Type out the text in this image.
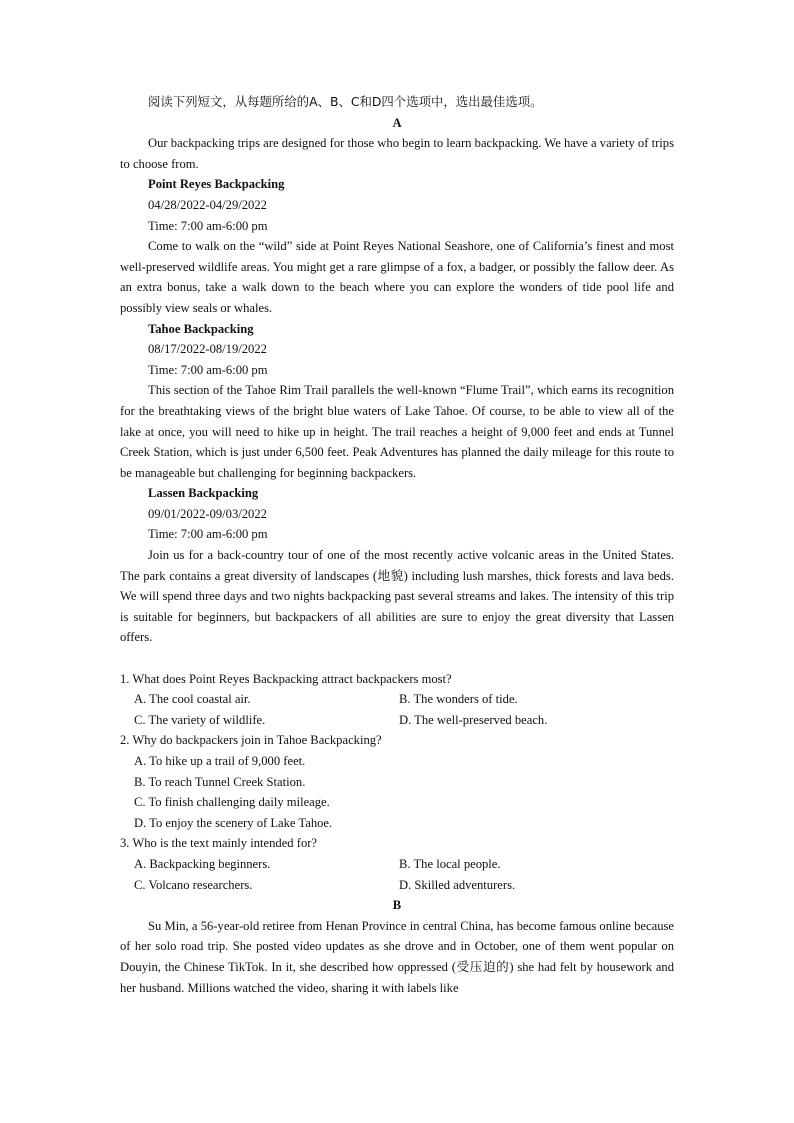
阅读下列短文，从每题所给的A、B、C和D四个选项中，选出最佳选项。
A
Our backpacking trips are designed for those who begin to learn backpacking. We have a variety of trips to choose from.
Point Reyes Backpacking
04/28/2022-04/29/2022
Time: 7:00 am-6:00 pm
Come to walk on the “wild” side at Point Reyes National Seashore, one of California’s finest and most well-preserved wildlife areas. You might get a rare glimpse of a fox, a badger, or possibly the fallow deer. As an extra bonus, take a walk down to the beach where you can explore the wonders of tide pool life and possibly view seals or whales.
Tahoe Backpacking
08/17/2022-08/19/2022
Time: 7:00 am-6:00 pm
This section of the Tahoe Rim Trail parallels the well-known “Flume Trail”, which earns its recognition for the breathtaking views of the bright blue waters of Lake Tahoe. Of course, to be able to view all of the lake at once, you will need to hike up in height. The trail reaches a height of 9,000 feet and ends at Tunnel Creek Station, which is just under 6,500 feet. Peak Adventures has planned the daily mileage for this route to be manageable but challenging for beginning backpackers.
Lassen Backpacking
09/01/2022-09/03/2022
Time: 7:00 am-6:00 pm
Join us for a back-country tour of one of the most recently active volcanic areas in the United States. The park contains a great diversity of landscapes (地貌) including lush marshes, thick forests and lava beds. We will spend three days and two nights backpacking past several streams and lakes. The intensity of this trip is suitable for beginners, but backpackers of all abilities are sure to enjoy the great diversity that Lassen offers.
1. What does Point Reyes Backpacking attract backpackers most?
A. The cool coastal air.	B. The wonders of tide.
C. The variety of wildlife.	D. The well-preserved beach.
2. Why do backpackers join in Tahoe Backpacking?
A. To hike up a trail of 9,000 feet.
B. To reach Tunnel Creek Station.
C. To finish challenging daily mileage.
D. To enjoy the scenery of Lake Tahoe.
3. Who is the text mainly intended for?
A. Backpacking beginners.	B. The local people.
C. Volcano researchers.	D. Skilled adventurers.
B
Su Min, a 56-year-old retiree from Henan Province in central China, has become famous online because of her solo road trip. She posted video updates as she drove and in October, one of them went popular on Douyin, the Chinese TikTok. In it, she described how oppressed (受压迫的) she had felt by housework and her husband. Millions watched the video, sharing it with labels like
